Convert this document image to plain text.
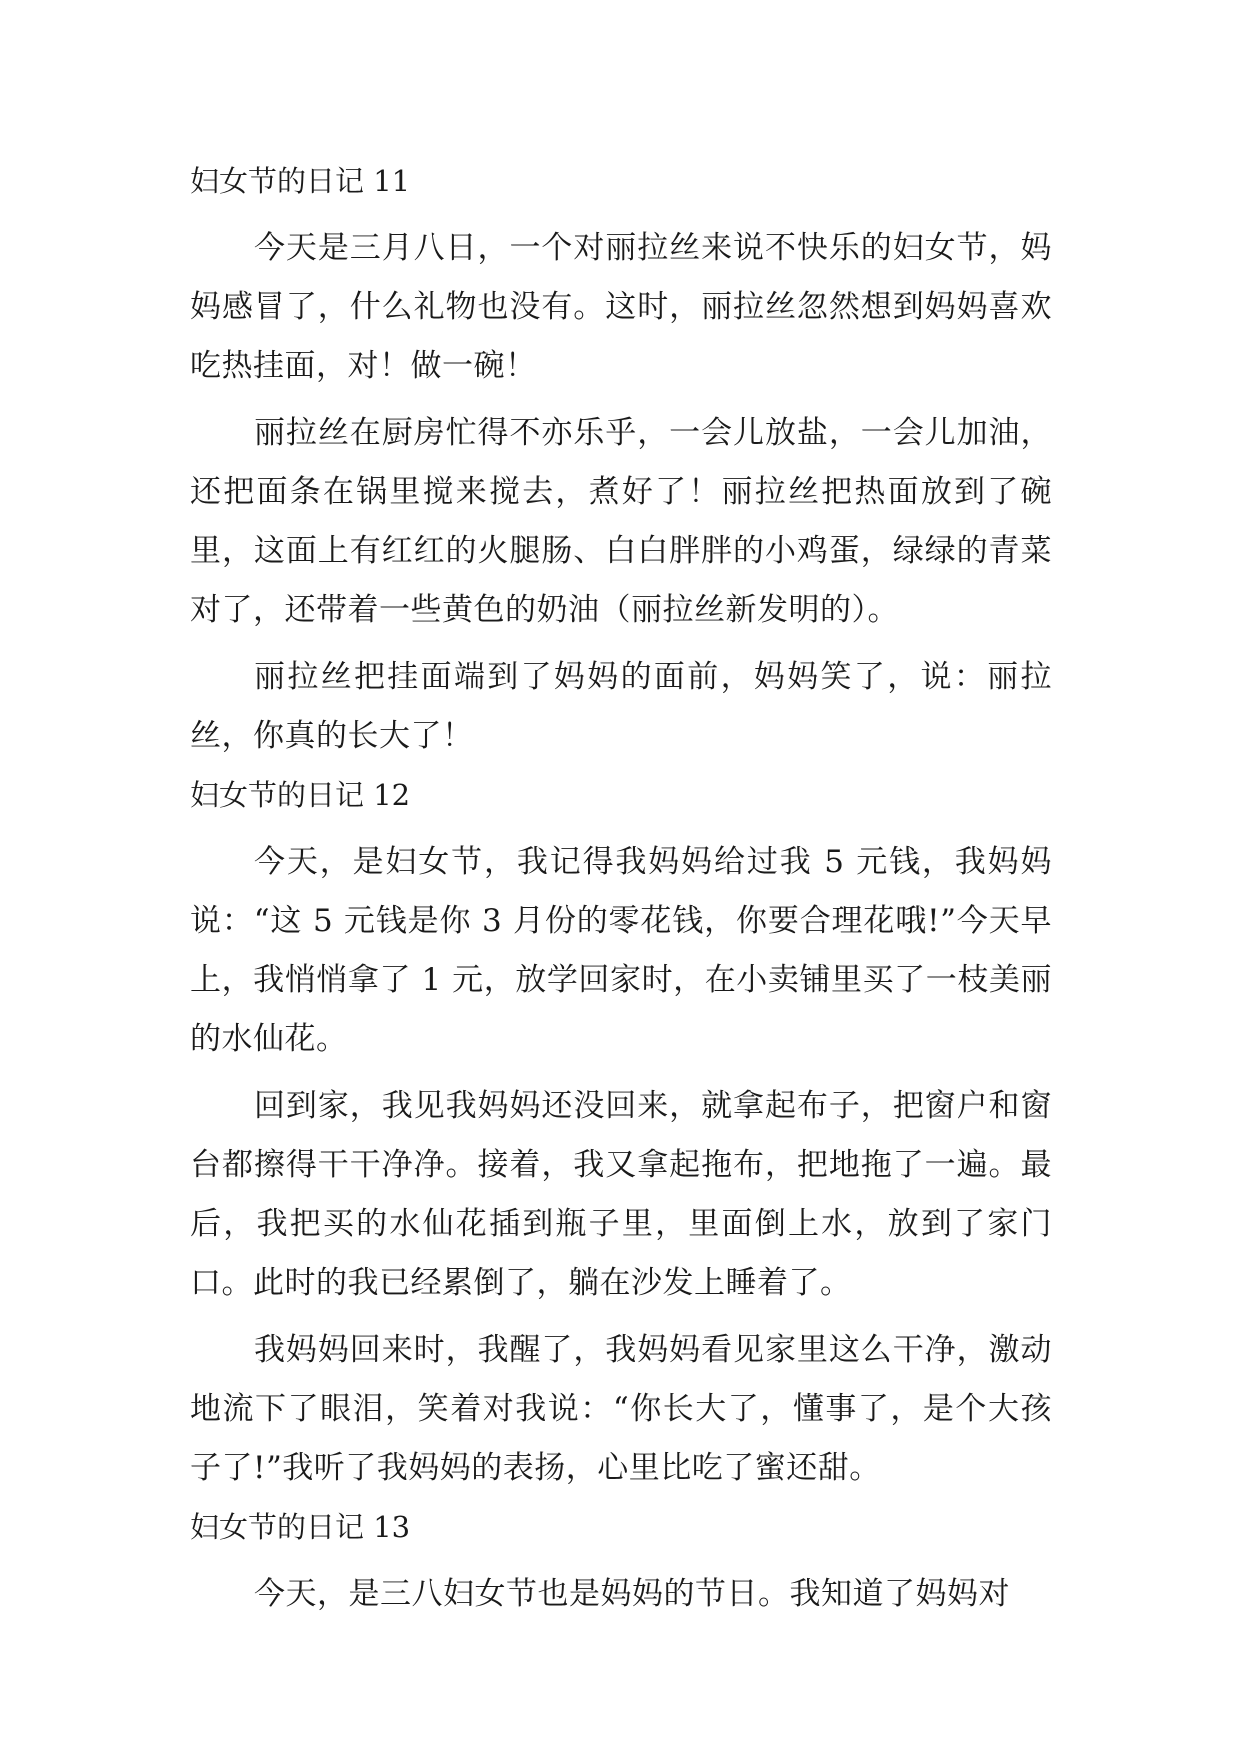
妇女节的日记 11

今天是三月八日，一个对丽拉丝来说不快乐的妇女节，妈妈感冒了，什么礼物也没有。这时，丽拉丝忽然想到妈妈喜欢吃热挂面，对！做一碗！

丽拉丝在厨房忙得不亦乐乎，一会儿放盐，一会儿加油，还把面条在锅里搅来搅去，煮好了！丽拉丝把热面放到了碗里，这面上有红红的火腿肠、白白胖胖的小鸡蛋，绿绿的青菜对了，还带着一些黄色的奶油（丽拉丝新发明的）。

丽拉丝把挂面端到了妈妈的面前，妈妈笑了，说：丽拉丝，你真的长大了！

妇女节的日记 12

今天，是妇女节，我记得我妈妈给过我 5 元钱，我妈妈说：“这 5 元钱是你 3 月份的零花钱，你要合理花哦!”今天早上，我悄悄拿了 1 元，放学回家时，在小卖铺里买了一枝美丽的水仙花。

回到家，我见我妈妈还没回来，就拿起布子，把窗户和窗台都擦得干干净净。接着，我又拿起拖布，把地拖了一遍。最后，我把买的水仙花插到瓶子里，里面倒上水，放到了家门口。此时的我已经累倒了，躺在沙发上睡着了。

我妈妈回来时，我醒了，我妈妈看见家里这么干净，激动地流下了眼泪，笑着对我说：“你长大了，懂事了，是个大孩子了!”我听了我妈妈的表扬，心里比吃了蜜还甜。

妇女节的日记 13

今天，是三八妇女节也是妈妈的节日。我知道了妈妈对
